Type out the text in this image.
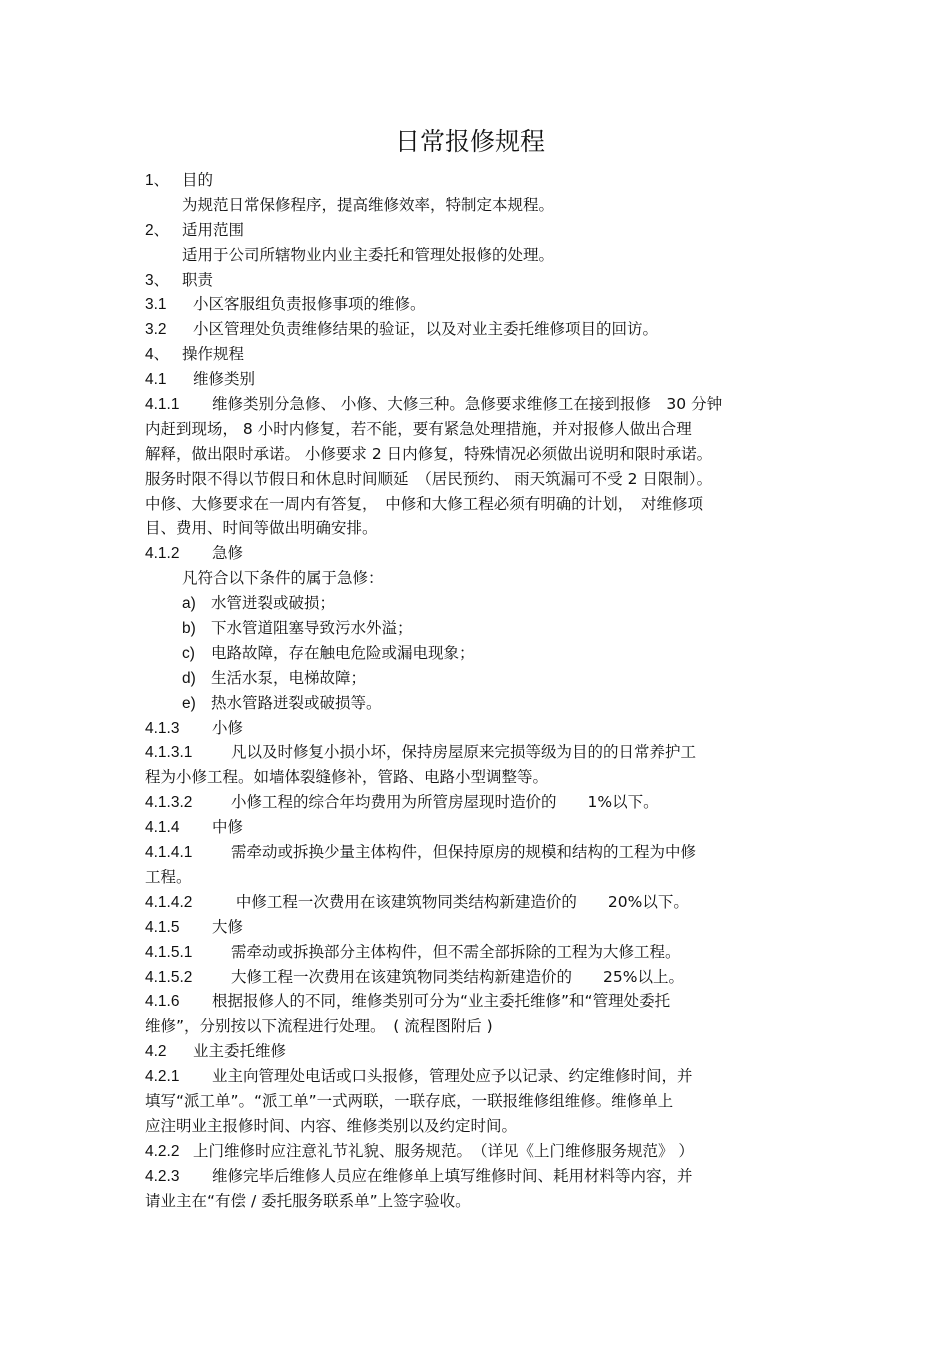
日常报修规程
1、 目的
为规范日常保修程序，提高维修效率，特制定本规程。
2、 适用范围
适用于公司所辖物业内业主委托和管理处报修的处理。
3、 职责
3.1 小区客服组负责报修事项的维修。
3.2 小区管理处负责维修结果的验证，以及对业主委托维修项目的回访。
4、 操作规程
4.1 维修类别
4.1.1 维修类别分急修、 小修、大修三种。急修要求维修工在接到报修　30 分钟
内赶到现场， 8 小时内修复，若不能，要有紧急处理措施，并对报修人做出合理
解释，做出限时承诺。 小修要求 2 日内修复，特殊情况必须做出说明和限时承诺。
服务时限不得以节假日和休息时间顺延　（居民预约、 雨天筑漏可不受 2 日限制）。
中修、大修要求在一周内有答复，　中修和大修工程必须有明确的计划，　对维修项
目、费用、时间等做出明确安排。
4.1.2 急修
凡符合以下条件的属于急修：
a) 水管迸裂或破损；
b) 下水管道阻塞导致污水外溢；
c) 电路故障，存在触电危险或漏电现象；
d) 生活水泵，电梯故障；
e) 热水管路迸裂或破损等。
4.1.3 小修
4.1.3.1 凡以及时修复小损小坏，保持房屋原来完损等级为目的的日常养护工
程为小修工程。如墙体裂缝修补，管路、电路小型调整等。
4.1.3.2 小修工程的综合年均费用为所管房屋现时造价的　　1%以下。
4.1.4 中修
4.1.4.1 需牵动或拆换少量主体构件，但保持原房的规模和结构的工程为中修
工程。
4.1.4.2 中修工程一次费用在该建筑物同类结构新建造价的　　20%以下。
4.1.5 大修
4.1.5.1 需牵动或拆换部分主体构件，但不需全部拆除的工程为大修工程。
4.1.5.2 大修工程一次费用在该建筑物同类结构新建造价的　　25%以上。
4.1.6 根据报修人的不同，维修类别可分为“业主委托维修”和“管理处委托
维修”，分别按以下流程进行处理。　( 流程图附后 )
4.2 业主委托维修
4.2.1 业主向管理处电话或口头报修，管理处应予以记录、约定维修时间，并
填写“派工单”。“派工单”一式两联，一联存底，一联报维修组维修。维修单上
应注明业主报修时间、内容、维修类别以及约定时间。
4.2.2 上门维修时应注意礼节礼貌、服务规范。　（详见《上门维修服务规范》 ）
4.2.3 维修完毕后维修人员应在维修单上填写维修时间、耗用材料等内容，并
请业主在“有偿 / 委托服务联系单”上签字验收。
